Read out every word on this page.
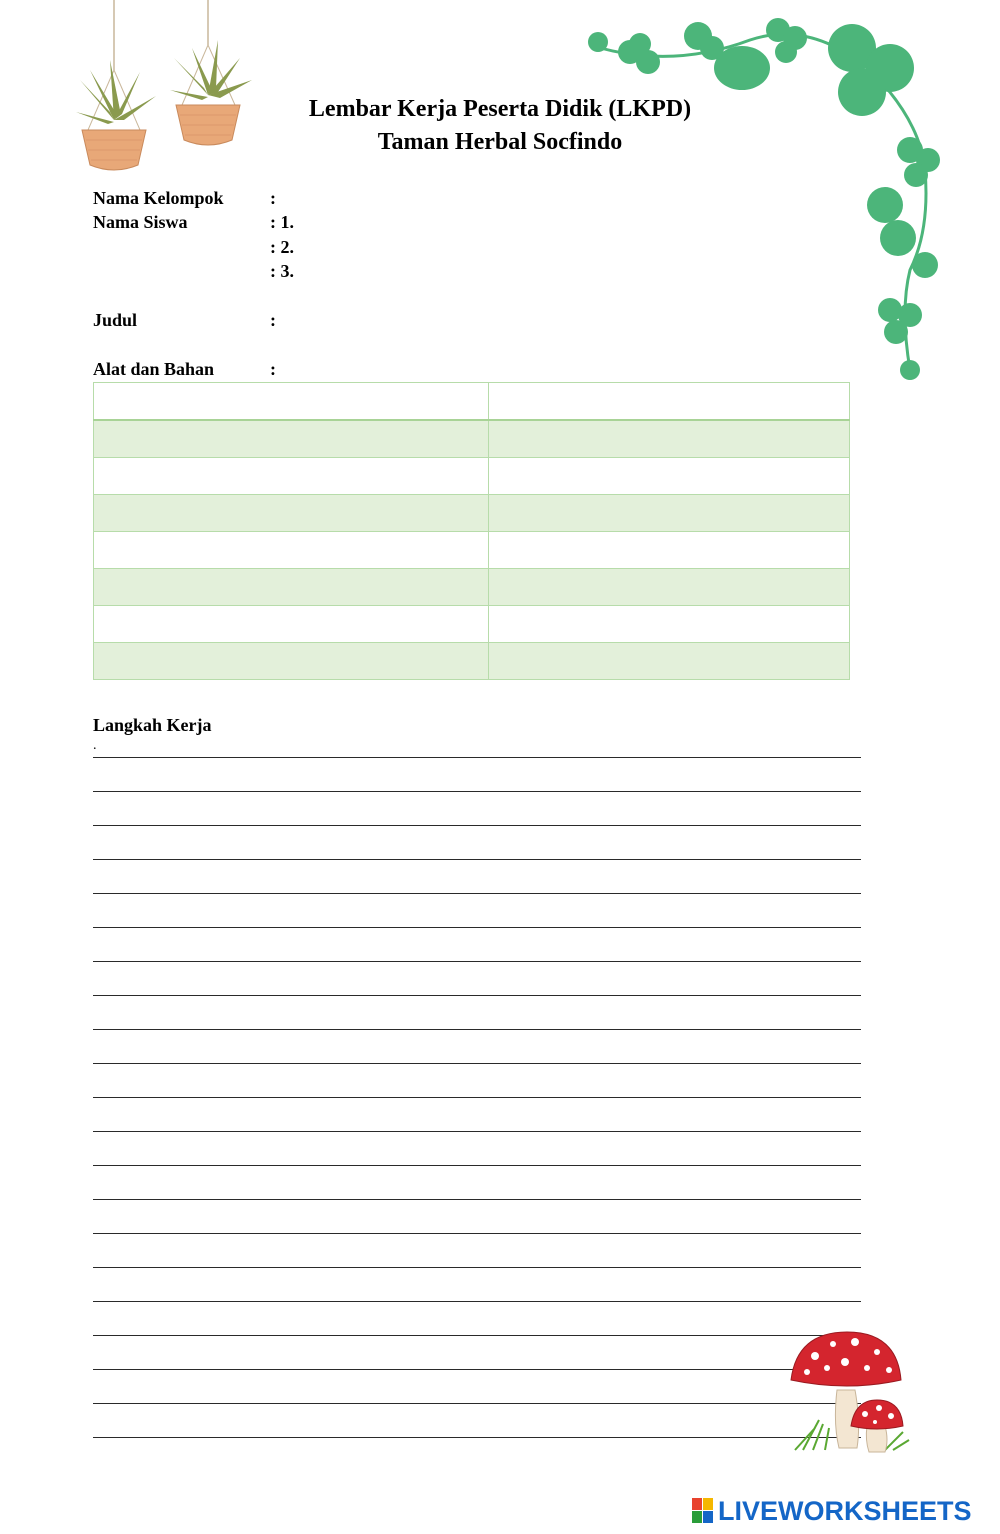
Lembar Kerja Peserta Didik (LKPD)
Taman Herbal Socfindo
Nama Kelompok	:
Nama Siswa	: 1.
: 2.
: 3.
Judul	:
Alat dan Bahan	:

Langkah Kerja
.
LIVEWORKSHEETS
